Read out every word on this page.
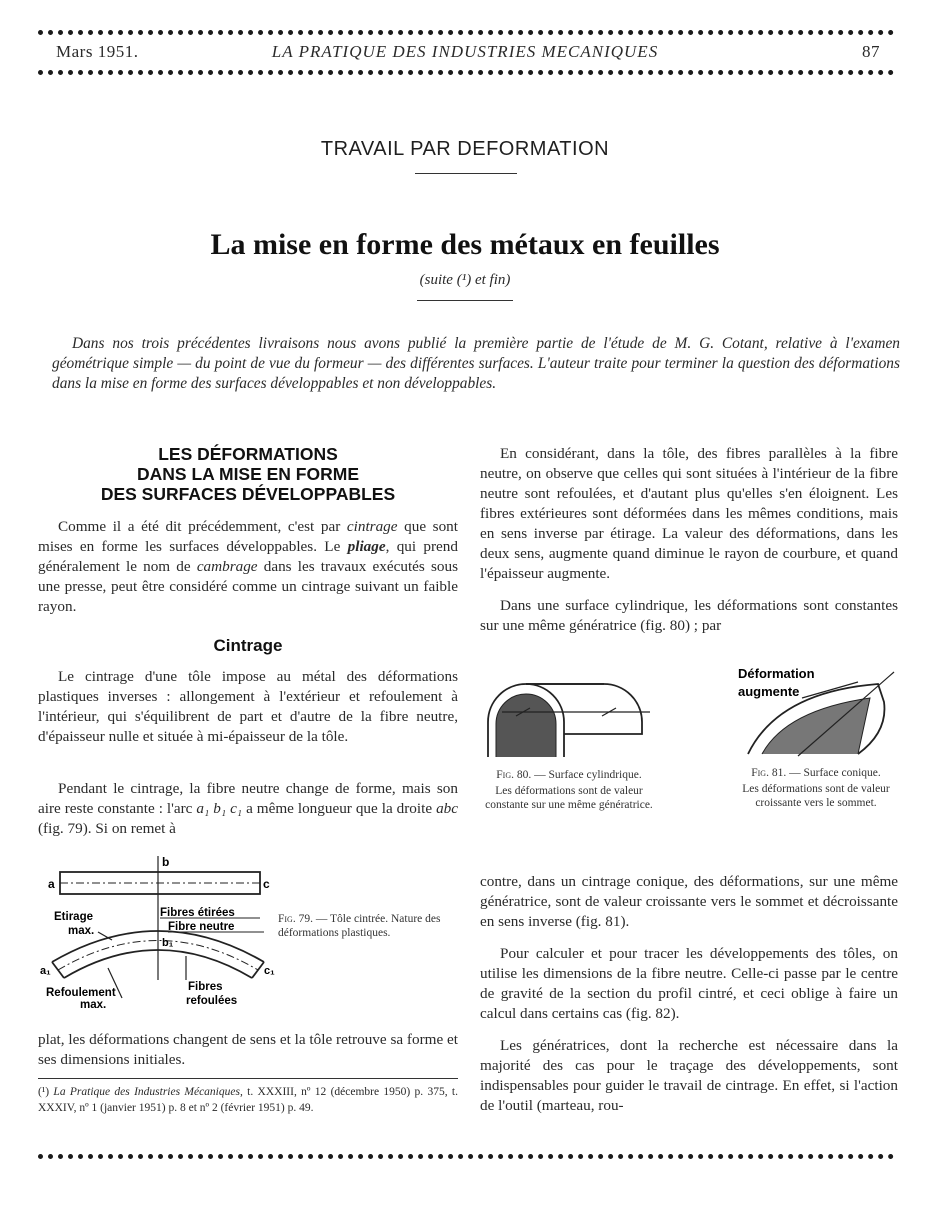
Mars 1951.	LA PRATIQUE DES INDUSTRIES MECANIQUES	87
TRAVAIL PAR DEFORMATION
La mise en forme des métaux en feuilles
(suite (¹) et fin)
Dans nos trois précédentes livraisons nous avons publié la première partie de l'étude de M. G. Cotant, relative à l'examen géométrique simple — du point de vue du formeur — des différentes surfaces. L'auteur traite pour terminer la question des déformations dans la mise en forme des surfaces développables et non développables.
LES DÉFORMATIONS
DANS LA MISE EN FORME
DES SURFACES DÉVELOPPABLES

Comme il a été dit précédemment, c'est par cintrage que sont mises en forme les surfaces développables. Le pliage, qui prend généralement le nom de cambrage dans les travaux exécutés sous une presse, peut être considéré comme un cintrage suivant un faible rayon.

Cintrage

Le cintrage d'une tôle impose au métal des déformations plastiques inverses : allongement à l'extérieur et refoulement à l'intérieur, qui s'équilibrent de part et d'autre de la fibre neutre, d'épaisseur nulle et située à mi-épaisseur de la tôle.

Pendant le cintrage, la fibre neutre change de forme, mais son aire reste constante : l'arc a₁ b₁ c₁ a même longueur que la droite abc (fig. 79). Si on remet à

b
a	c
b₁
a₁	c₁
Etirage
max.
Fibres étirées
Fibre neutre
Refoulement
max.
Fibres
refoulées
Fig. 79. — Tôle cintrée. Nature des déformations plastiques.

plat, les déformations changent de sens et la tôle retrouve sa forme et ses dimensions initiales.

(¹) La Pratique des Industries Mécaniques, t. XXXIII, nº 12 (décembre 1950) p. 375, t. XXXIV, nº 1 (janvier 1951) p. 8 et nº 2 (février 1951) p. 49.

En considérant, dans la tôle, des fibres parallèles à la fibre neutre, on observe que celles qui sont situées à l'intérieur de la fibre neutre sont refoulées, et d'autant plus qu'elles s'en éloignent. Les fibres extérieures sont déformées dans les mêmes conditions, mais en sens inverse par étirage. La valeur des déformations, dans les deux sens, augmente quand diminue le rayon de courbure, et quand l'épaisseur augmente.

Dans une surface cylindrique, les déformations sont constantes sur une même génératrice (fig. 80) ; par

Fig. 80. — Surface cylindrique.
Les déformations sont de valeur constante sur une même génératrice.
Déformation
augmente
Fig. 81. — Surface conique.
Les déformations sont de valeur croissante vers le sommet.

contre, dans un cintrage conique, des déformations, sur une même génératrice, sont de valeur croissante vers le sommet et décroissante en sens inverse (fig. 81).

Pour calculer et pour tracer les développements des tôles, on utilise les dimensions de la fibre neutre. Celle-ci passe par le centre de gravité de la section du profil cintré, et ceci oblige à faire un calcul dans certains cas (fig. 82).

Les génératrices, dont la recherche est nécessaire dans la majorité des cas pour le traçage des développements, sont indispensables pour guider le travail de cintrage. En effet, si l'action de l'outil (marteau, rou-
